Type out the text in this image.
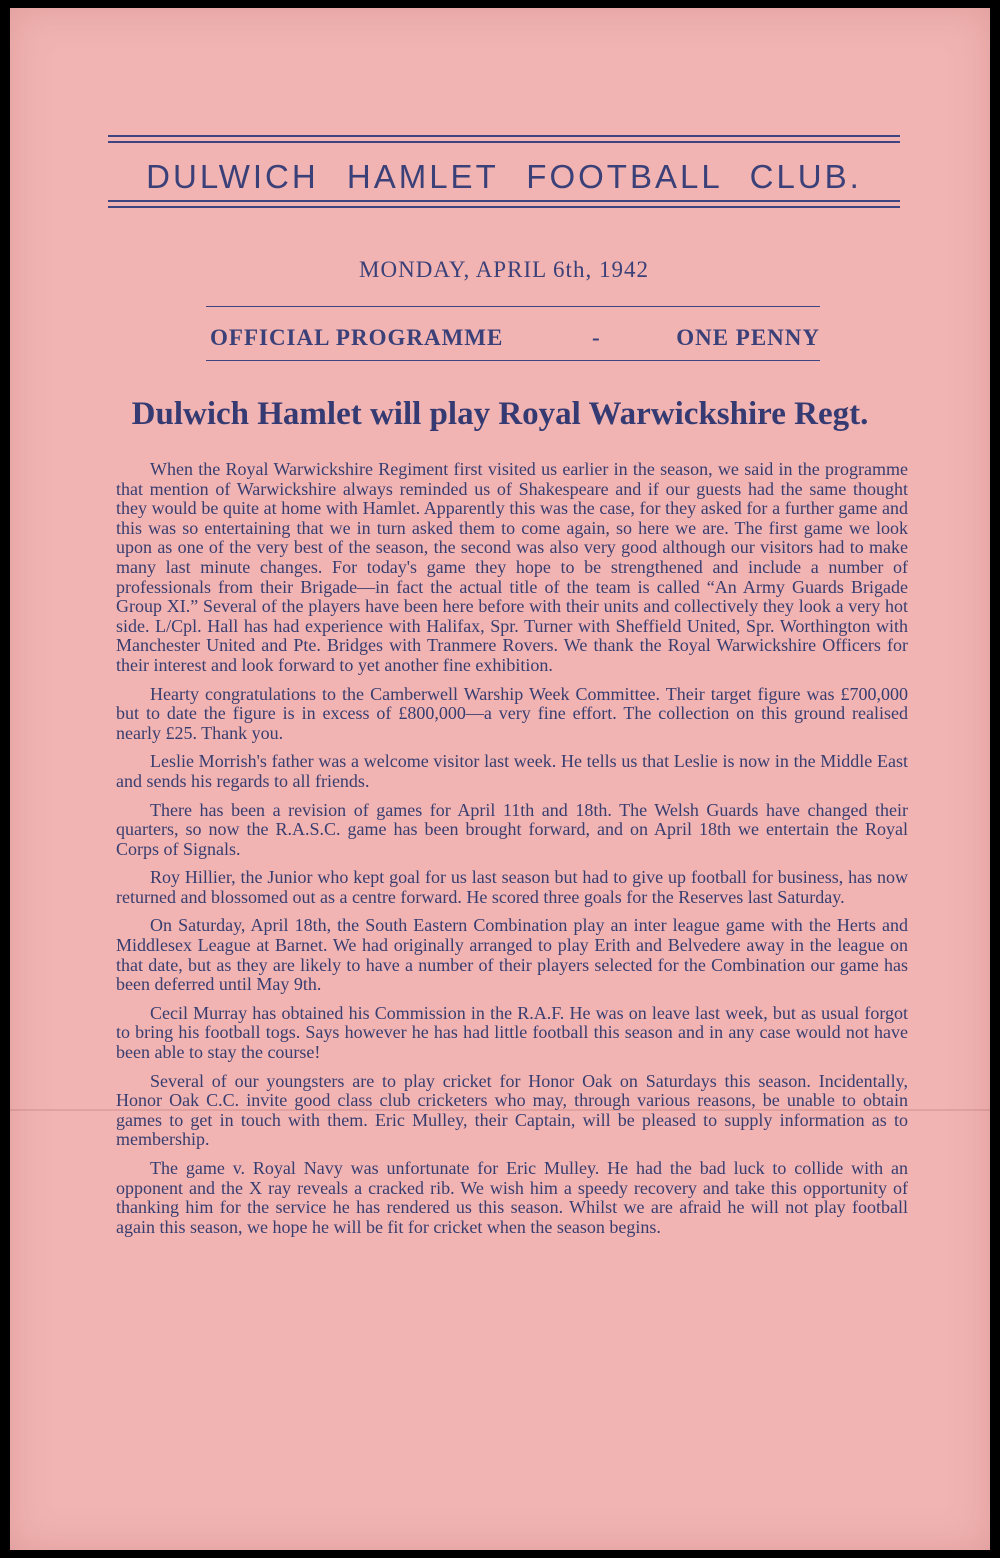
DULWICH HAMLET FOOTBALL CLUB.
MONDAY, APRIL 6th, 1942
OFFICIAL PROGRAMME	-	ONE PENNY
Dulwich Hamlet will play Royal Warwickshire Regt.

When the Royal Warwickshire Regiment first visited us earlier in the season, we said in the programme that mention of Warwickshire always reminded us of Shakespeare and if our guests had the same thought they would be quite at home with Hamlet. Apparently this was the case, for they asked for a further game and this was so entertaining that we in turn asked them to come again, so here we are. The first game we look upon as one of the very best of the season, the second was also very good although our visitors had to make many last minute changes. For today's game they hope to be strengthened and include a number of professionals from their Brigade—in fact the actual title of the team is called “An Army Guards Brigade Group XI.” Several of the players have been here before with their units and collectively they look a very hot side. L/Cpl. Hall has had experience with Halifax, Spr. Turner with Sheffield United, Spr. Worthington with Manchester United and Pte. Bridges with Tranmere Rovers. We thank the Royal Warwickshire Officers for their interest and look forward to yet another fine exhibition.

Hearty congratulations to the Camberwell Warship Week Committee. Their target figure was £700,000 but to date the figure is in excess of £800,000—a very fine effort. The collection on this ground realised nearly £25. Thank you.

Leslie Morrish's father was a welcome visitor last week. He tells us that Leslie is now in the Middle East and sends his regards to all friends.

There has been a revision of games for April 11th and 18th. The Welsh Guards have changed their quarters, so now the R.A.S.C. game has been brought forward, and on April 18th we entertain the Royal Corps of Signals.

Roy Hillier, the Junior who kept goal for us last season but had to give up football for business, has now returned and blossomed out as a centre forward. He scored three goals for the Reserves last Saturday.

On Saturday, April 18th, the South Eastern Combination play an inter league game with the Herts and Middlesex League at Barnet. We had originally arranged to play Erith and Belvedere away in the league on that date, but as they are likely to have a number of their players selected for the Combination our game has been deferred until May 9th.

Cecil Murray has obtained his Commission in the R.A.F. He was on leave last week, but as usual forgot to bring his football togs. Says however he has had little football this season and in any case would not have been able to stay the course!

Several of our youngsters are to play cricket for Honor Oak on Saturdays this season. Incidentally, Honor Oak C.C. invite good class club cricketers who may, through various reasons, be unable to obtain games to get in touch with them. Eric Mulley, their Captain, will be pleased to supply information as to membership.

The game v. Royal Navy was unfortunate for Eric Mulley. He had the bad luck to collide with an opponent and the X ray reveals a cracked rib. We wish him a speedy recovery and take this opportunity of thanking him for the service he has rendered us this season. Whilst we are afraid he will not play football again this season, we hope he will be fit for cricket when the season begins.
